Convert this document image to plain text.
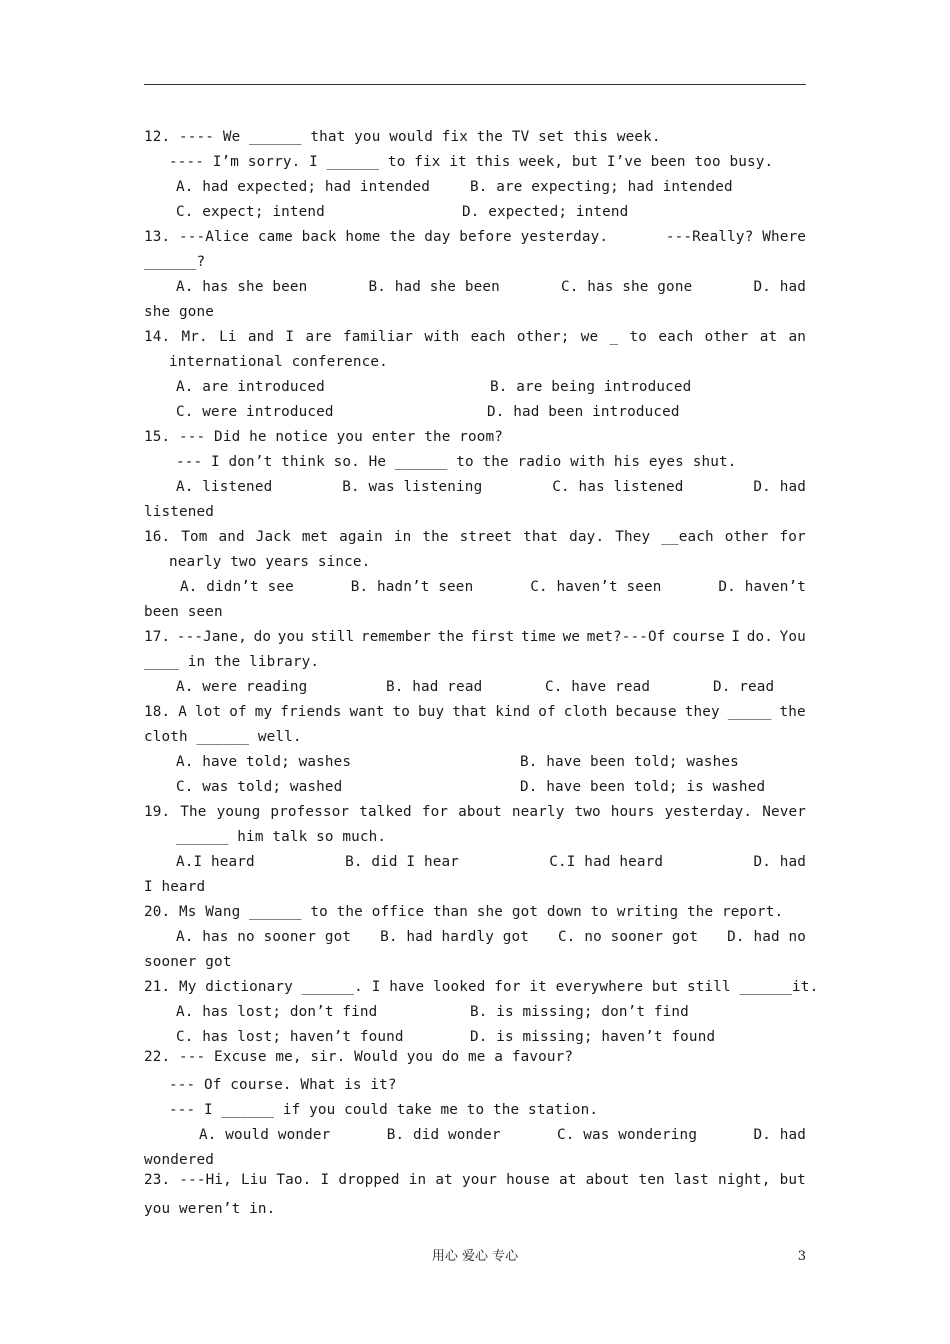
12. ---- We ______ that you would fix the TV set this week.
---- I’m sorry. I ______ to fix it this week, but I’ve been too busy.
A. had expected; had intended	B. are expecting; had intended
C. expect; intend	D. expected; intend
13. ---Alice came back home the day before yesterday.	---Really? Where
______?
A. has she been	B. had she been	C. has she gone	D. had
she gone
14. Mr. Li and I are familiar with each other; we _ to each other at an
international conference.
A. are introduced	B. are being introduced
C. were introduced	D. had been introduced
15. --- Did he notice you enter the room?
--- I don’t think so. He ______ to the radio with his eyes shut.
A. listened	B. was listening	C. has listened	D. had
listened
16. Tom and Jack met again in the street that day. They __each other for
nearly two years since.
A. didn’t see	B. hadn’t seen	C. haven’t seen	D. haven’t
been seen
17. ---Jane, do you still remember the first time we met?---Of course I do. You
____ in the library.
A. were reading	B. had read	C. have read	D. read
18. A lot of my friends want to buy that kind of cloth because they _____ the
cloth ______ well.
A. have told; washes	B. have been told; washes
C. was told; washed	D. have been told; is washed
19. The young professor talked for about nearly two hours yesterday. Never
______ him talk so much.
A.I heard	B. did I hear	C.I had heard	D. had
I heard
20. Ms Wang ______ to the office than she got down to writing the report.
A. has no sooner got B. had hardly got C. no sooner got D. had no
sooner got
21. My dictionary ______. I have looked for it everywhere but still ______it.
A. has lost; don’t find	B. is missing; don’t find
C. has lost; haven’t found	D. is missing; haven’t found
22. --- Excuse me, sir. Would you do me a favour?
--- Of course. What is it?
--- I ______ if you could take me to the station.
A. would wonder	B. did wonder	C. was wondering	D. had
wondered
23. ---Hi, Liu Tao. I dropped in at your house at about ten last night, but
you weren’t in.
用心 爱心 专心	3
